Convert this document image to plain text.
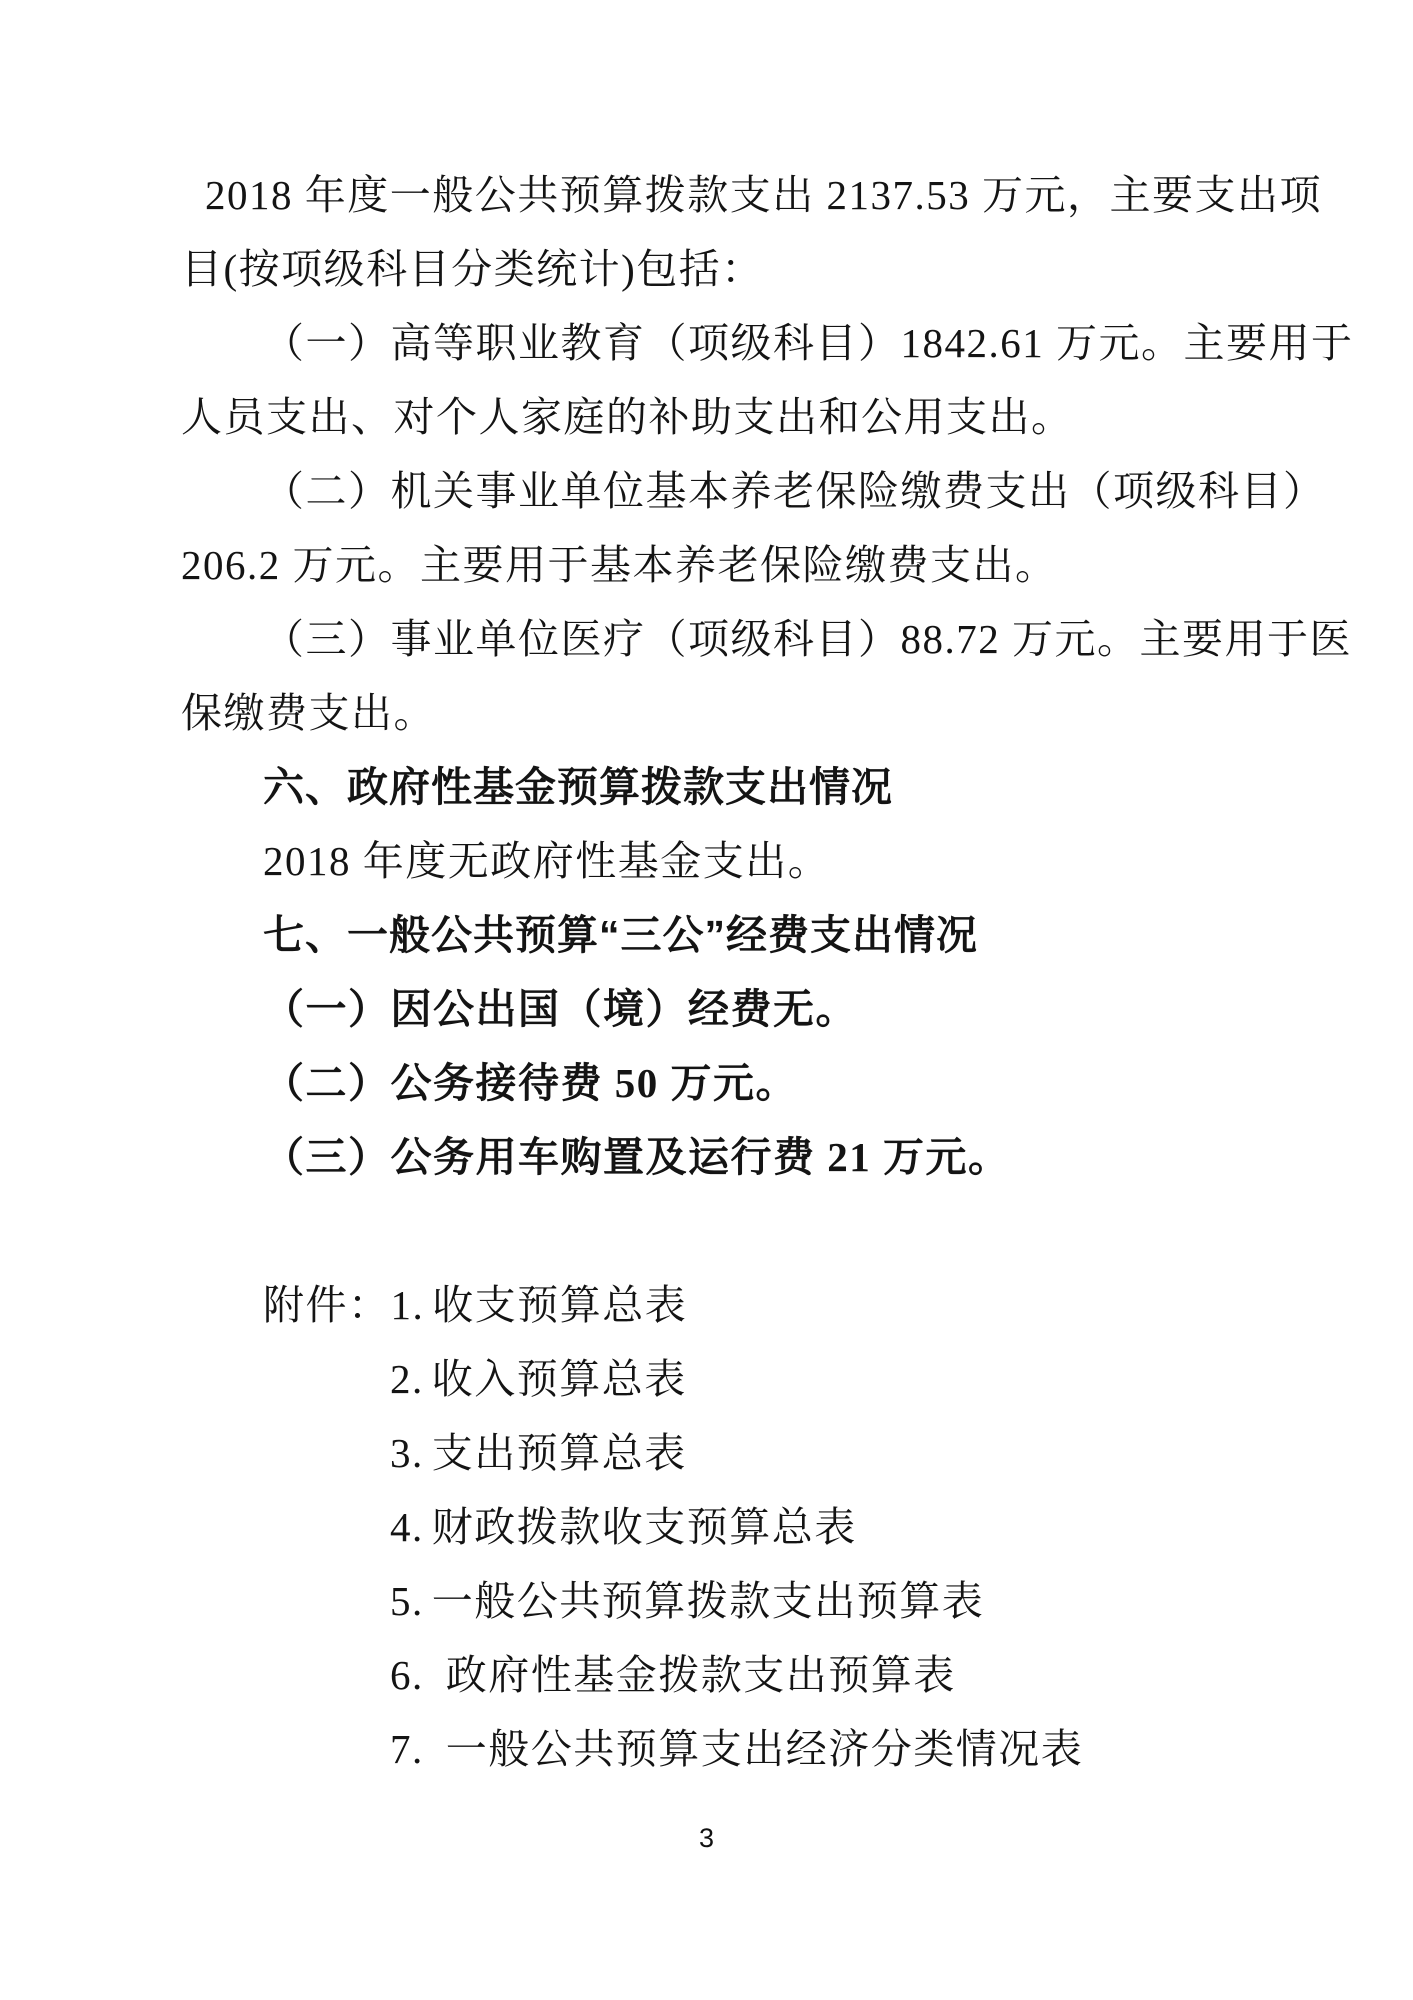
2018 年度一般公共预算拨款支出 2137.53 万元，主要支出项
目(按项级科目分类统计)包括：
（一）高等职业教育（项级科目）1842.61 万元。主要用于
人员支出、对个人家庭的补助支出和公用支出。
（二）机关事业单位基本养老保险缴费支出（项级科目）
206.2 万元。主要用于基本养老保险缴费支出。
（三）事业单位医疗（项级科目）88.72 万元。主要用于医
保缴费支出。
六、政府性基金预算拨款支出情况
2018 年度无政府性基金支出。
七、一般公共预算“三公”经费支出情况
（一）因公出国（境）经费无。
（二）公务接待费 50 万元。
（三）公务用车购置及运行费 21 万元。
附件：1. 收支预算总表
2. 收入预算总表
3. 支出预算总表
4. 财政拨款收支预算总表
5. 一般公共预算拨款支出预算表
6. 政府性基金拨款支出预算表
7. 一般公共预算支出经济分类情况表
3
